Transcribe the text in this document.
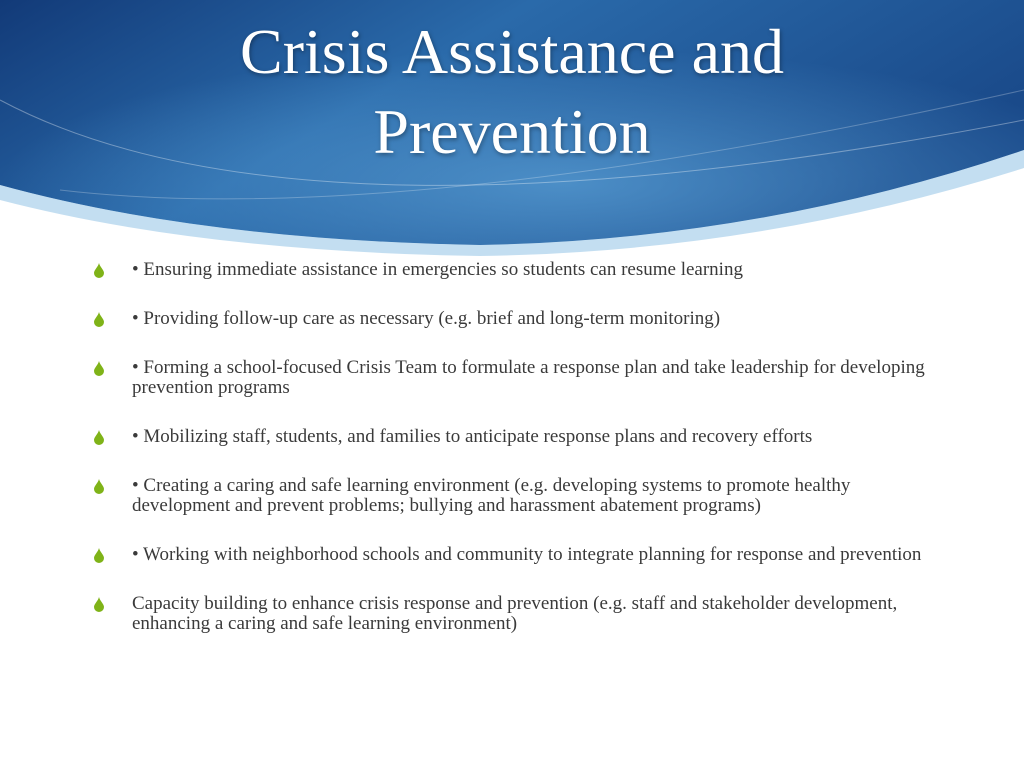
Crisis Assistance and
Prevention
• Ensuring immediate assistance in emergencies so students can resume learning
• Providing follow-up care as necessary (e.g. brief and long-term monitoring)
• Forming a school-focused Crisis Team to formulate a response plan and take leadership for developing prevention programs
• Mobilizing staff, students, and families to anticipate response plans and recovery efforts
• Creating a caring and safe learning environment (e.g. developing systems to promote healthy development and prevent problems; bullying and harassment abatement programs)
• Working with neighborhood schools and community to integrate planning for response and prevention
Capacity building to enhance crisis response and prevention (e.g. staff and stakeholder development, enhancing a caring and safe learning environment)
